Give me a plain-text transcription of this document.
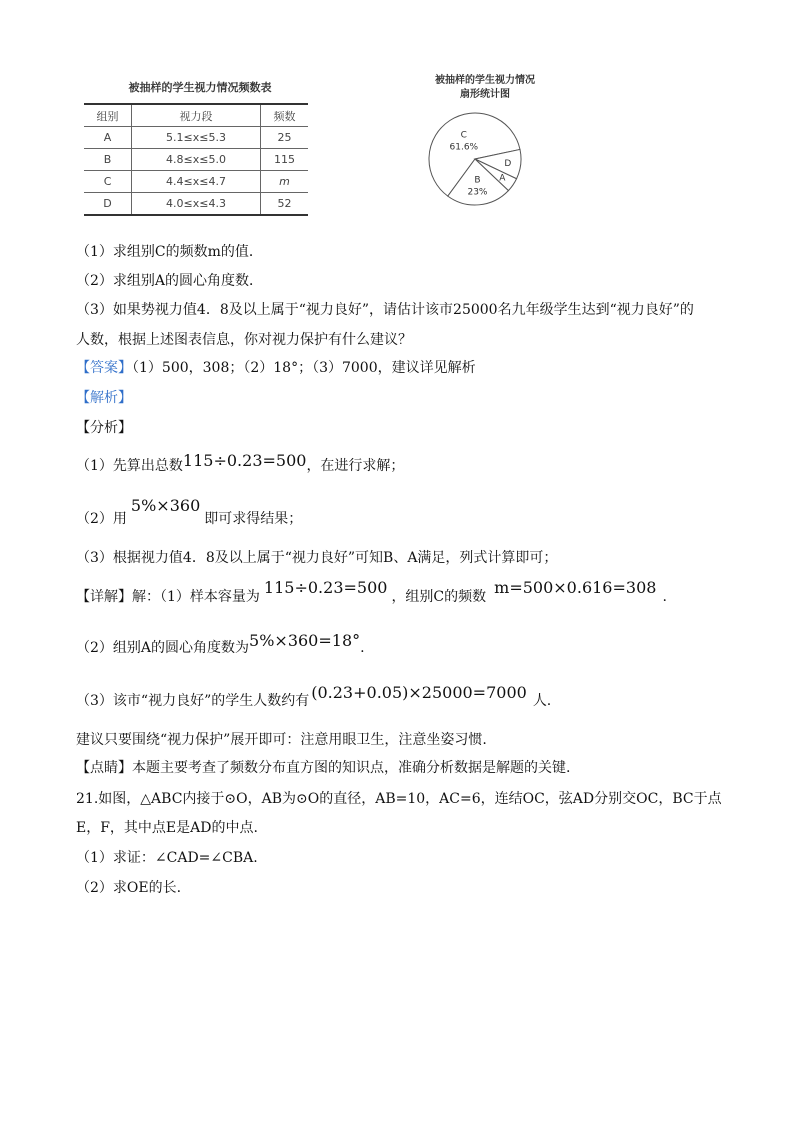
被抽样的学生视力情况频数表
组别	视力段	频数
A	5.1≤x≤5.3	25
B	4.8≤x≤5.0	115
C	4.4≤x≤4.7	m
D	4.0≤x≤4.3	52
被抽样的学生视力情况
扇形统计图
C
61.6%
D
A
B
23%
（1）求组别C的频数m的值．
（2）求组别A的圆心角度数．
（3）如果势视力值4．8及以上属于“视力良好”，请估计该市25000名九年级学生达到“视力良好”的
人数，根据上述图表信息，你对视力保护有什么建议？
【答案】（1）500，308；（2）18°；（3）7000，建议详见解析
【解析】
【分析】
（1）先算出总数115÷0.23=500，在进行求解；
（2）用5%×360即可求得结果；
（3）根据视力值4．8及以上属于“视力良好”可知B、A满足，列式计算即可；
【详解】解：（1）样本容量为 115÷0.23=500 ，组别C的频数 m=500×0.616=308 .
（2）组别A的圆心角度数为5%×360=18°.
（3）该市“视力良好”的学生人数约有 (0.23+0.05)×25000=7000 人.
建议只要围绕“视力保护”展开即可：注意用眼卫生，注意坐姿习惯.
【点睛】本题主要考查了频数分布直方图的知识点，准确分析数据是解题的关键.
21.如图，△ABC内接于⊙O，AB为⊙O的直径，AB=10，AC=6，连结OC，弦AD分别交OC，BC于点
E，F，其中点E是AD的中点.
（1）求证：∠CAD=∠CBA.
（2）求OE的长.
